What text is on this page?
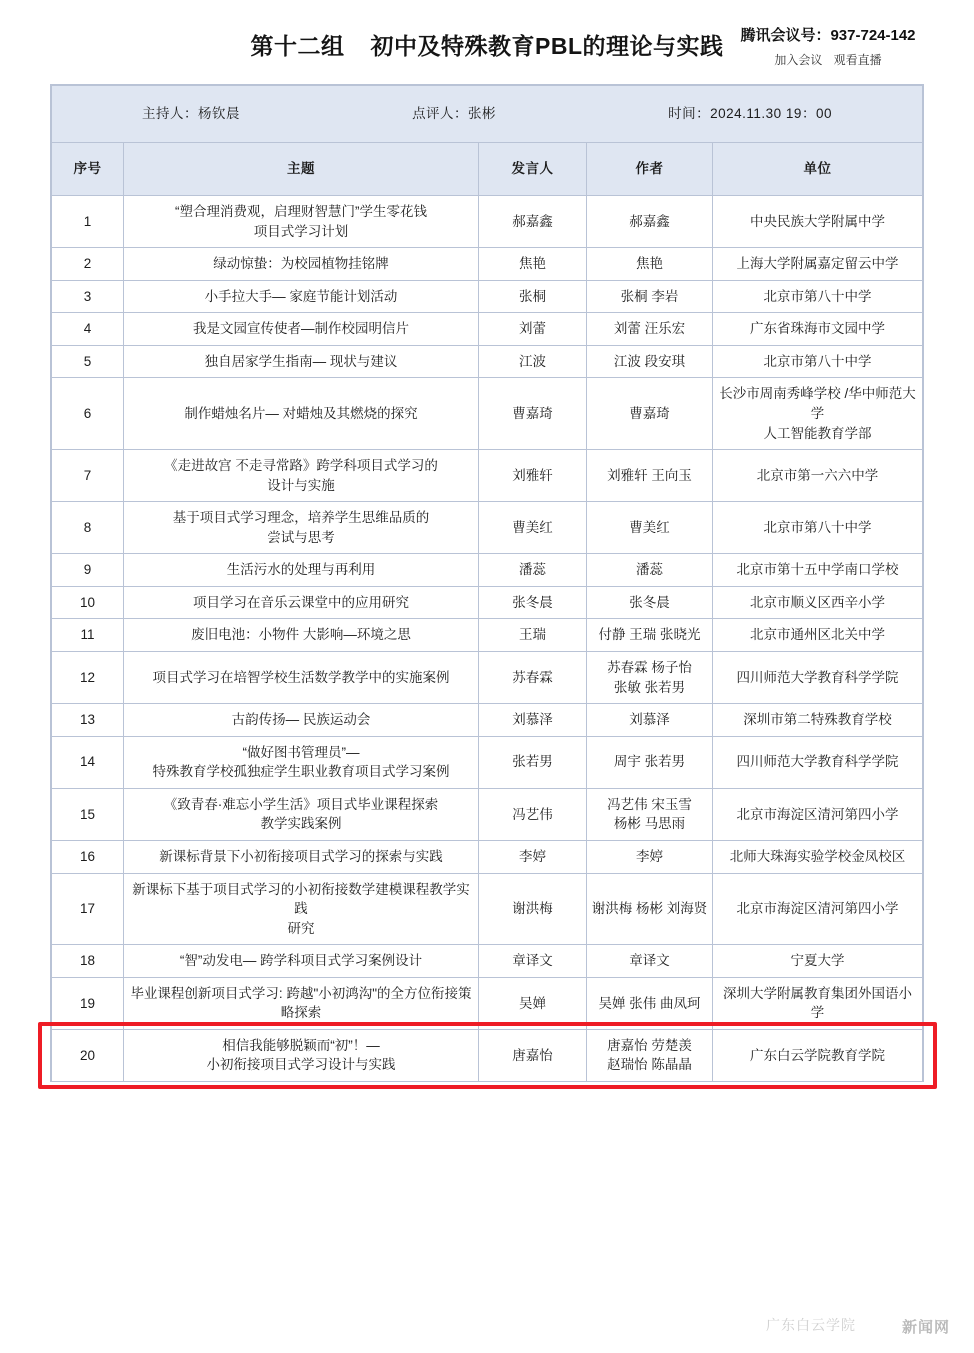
第十二组 初中及特殊教育PBL的理论与实践	腾讯会议号：937-724-142
加入会议 观看直播
主持人：杨钦晨 点评人：张彬 时间：2024.11.30 19：00				

序号	主题	发言人	作者	单位

1	“塑合理消费观，启理财智慧门”学生零花钱
项目式学习计划	郝嘉鑫	郝嘉鑫	中央民族大学附属中学

2	绿动惊蛰：为校园植物挂铭牌	焦艳	焦艳	上海大学附属嘉定留云中学

3	小手拉大手— 家庭节能计划活动	张桐	张桐 李岩	北京市第八十中学

4	我是文园宣传使者—制作校园明信片	刘蕾	刘蕾 汪乐宏	广东省珠海市文园中学

5	独自居家学生指南— 现状与建议	江波	江波 段安琪	北京市第八十中学

6	制作蜡烛名片— 对蜡烛及其燃烧的探究	曹嘉琦	曹嘉琦	长沙市周南秀峰学校 /华中师范大学
人工智能教育学部

7	《走进故宫 不走寻常路》跨学科项目式学习的
设计与实施	刘雅轩	刘雅轩 王向玉	北京市第一六六中学

8	基于项目式学习理念，培养学生思维品质的
尝试与思考	曹美红	曹美红	北京市第八十中学

9	生活污水的处理与再利用	潘蕊	潘蕊	北京市第十五中学南口学校

10	项目学习在音乐云课堂中的应用研究	张冬晨	张冬晨	北京市顺义区西辛小学

11	废旧电池：小物件 大影响—环境之思	王瑞	付静 王瑞 张晓光	北京市通州区北关中学

12	项目式学习在培智学校生活数学教学中的实施案例	苏春霖	苏春霖 杨子怡
张敏 张若男	四川师范大学教育科学学院

13	古韵传扬— 民族运动会	刘慕泽	刘慕泽	深圳市第二特殊教育学校

14	“做好图书管理员”—
特殊教育学校孤独症学生职业教育项目式学习案例	张若男	周宇 张若男	四川师范大学教育科学学院

15	《致青春·难忘小学生活》项目式毕业课程探索
教学实践案例	冯艺伟	冯艺伟 宋玉雪
杨彬 马思雨	北京市海淀区清河第四小学

16	新课标背景下小初衔接项目式学习的探索与实践	李婷	李婷	北师大珠海实验学校金凤校区

17	新课标下基于项目式学习的小初衔接数学建模课程教学实践
研究	谢洪梅	谢洪梅 杨彬 刘海贤	北京市海淀区清河第四小学

18	“智”动发电— 跨学科项目式学习案例设计	章译文	章译文	宁夏大学

19	毕业课程创新项目式学习: 跨越"小初鸿沟"的全方位衔接策
略探索	吴婵	吴婵 张伟 曲凤珂	深圳大学附属教育集团外国语小学

20	相信我能够脱颖而“初”！—
小初衔接项目式学习设计与实践	唐嘉怡	唐嘉怡 劳楚羡
赵瑞怡 陈晶晶	广东白云学院教育学院
广东白云学院	新闻网
